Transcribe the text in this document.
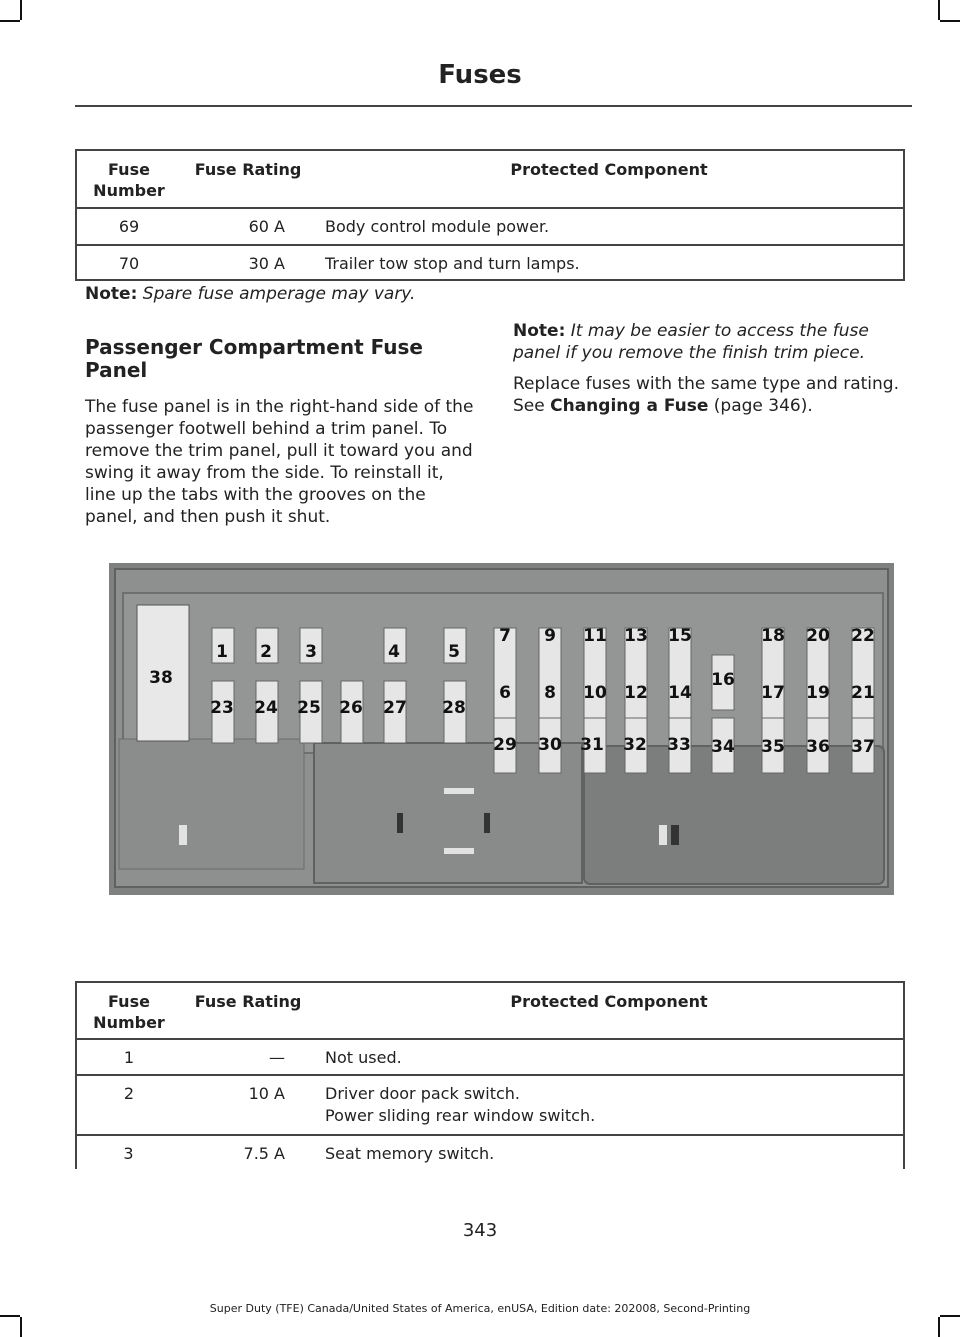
Fuses
Fuse Number	Fuse Rating	Protected Component
69	60 A	Body control module power.
70	30 A	Trailer tow stop and turn lamps.
Note: Spare fuse amperage may vary.
Passenger Compartment Fuse Panel
The fuse panel is in the right-hand side of the passenger footwell behind a trim panel. To remove the trim panel, pull it toward you and swing it away from the side. To reinstall it, line up the tabs with the grooves on the panel, and then push it shut.
Note: It may be easier to access the fuse panel if you remove the finish trim piece.
Replace fuses with the same type and rating. See Changing a Fuse (page 346).
1 2 3	4	5
23 24 25 26 27 28
7
6
9
8
11
10
13
12
15
14
16
18
17
20
19
22
21
29 30 31 32 33 34 35 36 37
38
Fuse Number	Fuse Rating	Protected Component
1	—	Not used.
2	10 A	Driver door pack switch.
Power sliding rear window switch.

3	7.5 A	Seat memory switch.
343
Super Duty (TFE) Canada/United States of America, enUSA, Edition date: 202008, Second-Printing
